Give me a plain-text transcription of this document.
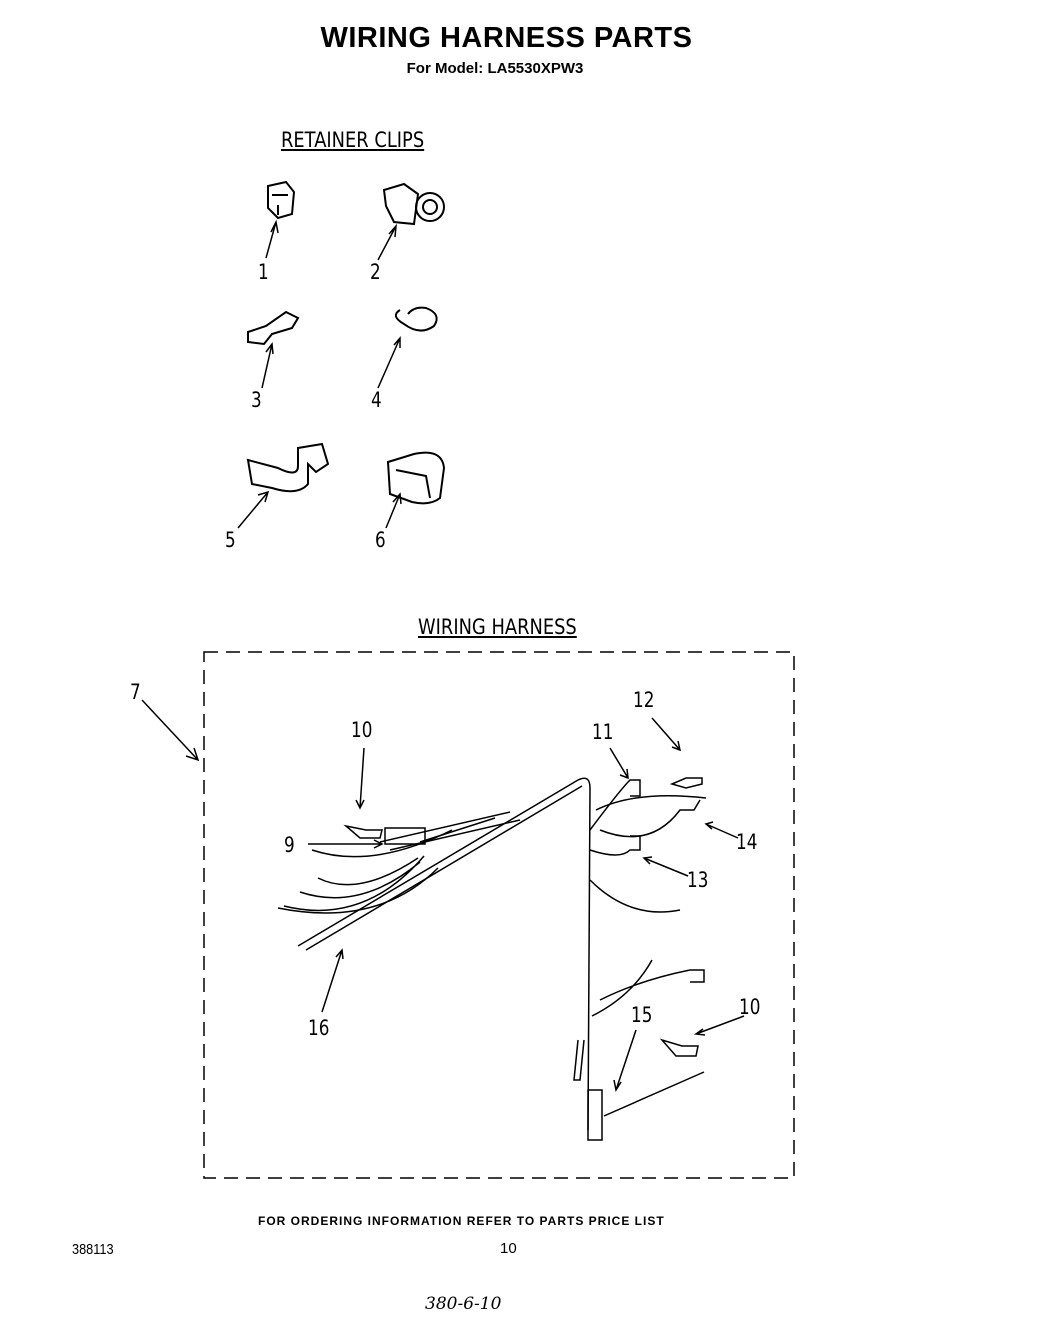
WIRING HARNESS PARTS
For Model: LA5530XPW3
RETAINER CLIPS
WIRING HARNESS
1	2
3	4
5	6
7
10
12
11
9	14
13
16
15	10
FOR ORDERING INFORMATION REFER TO PARTS PRICE LIST
388113	10
380-6-10
